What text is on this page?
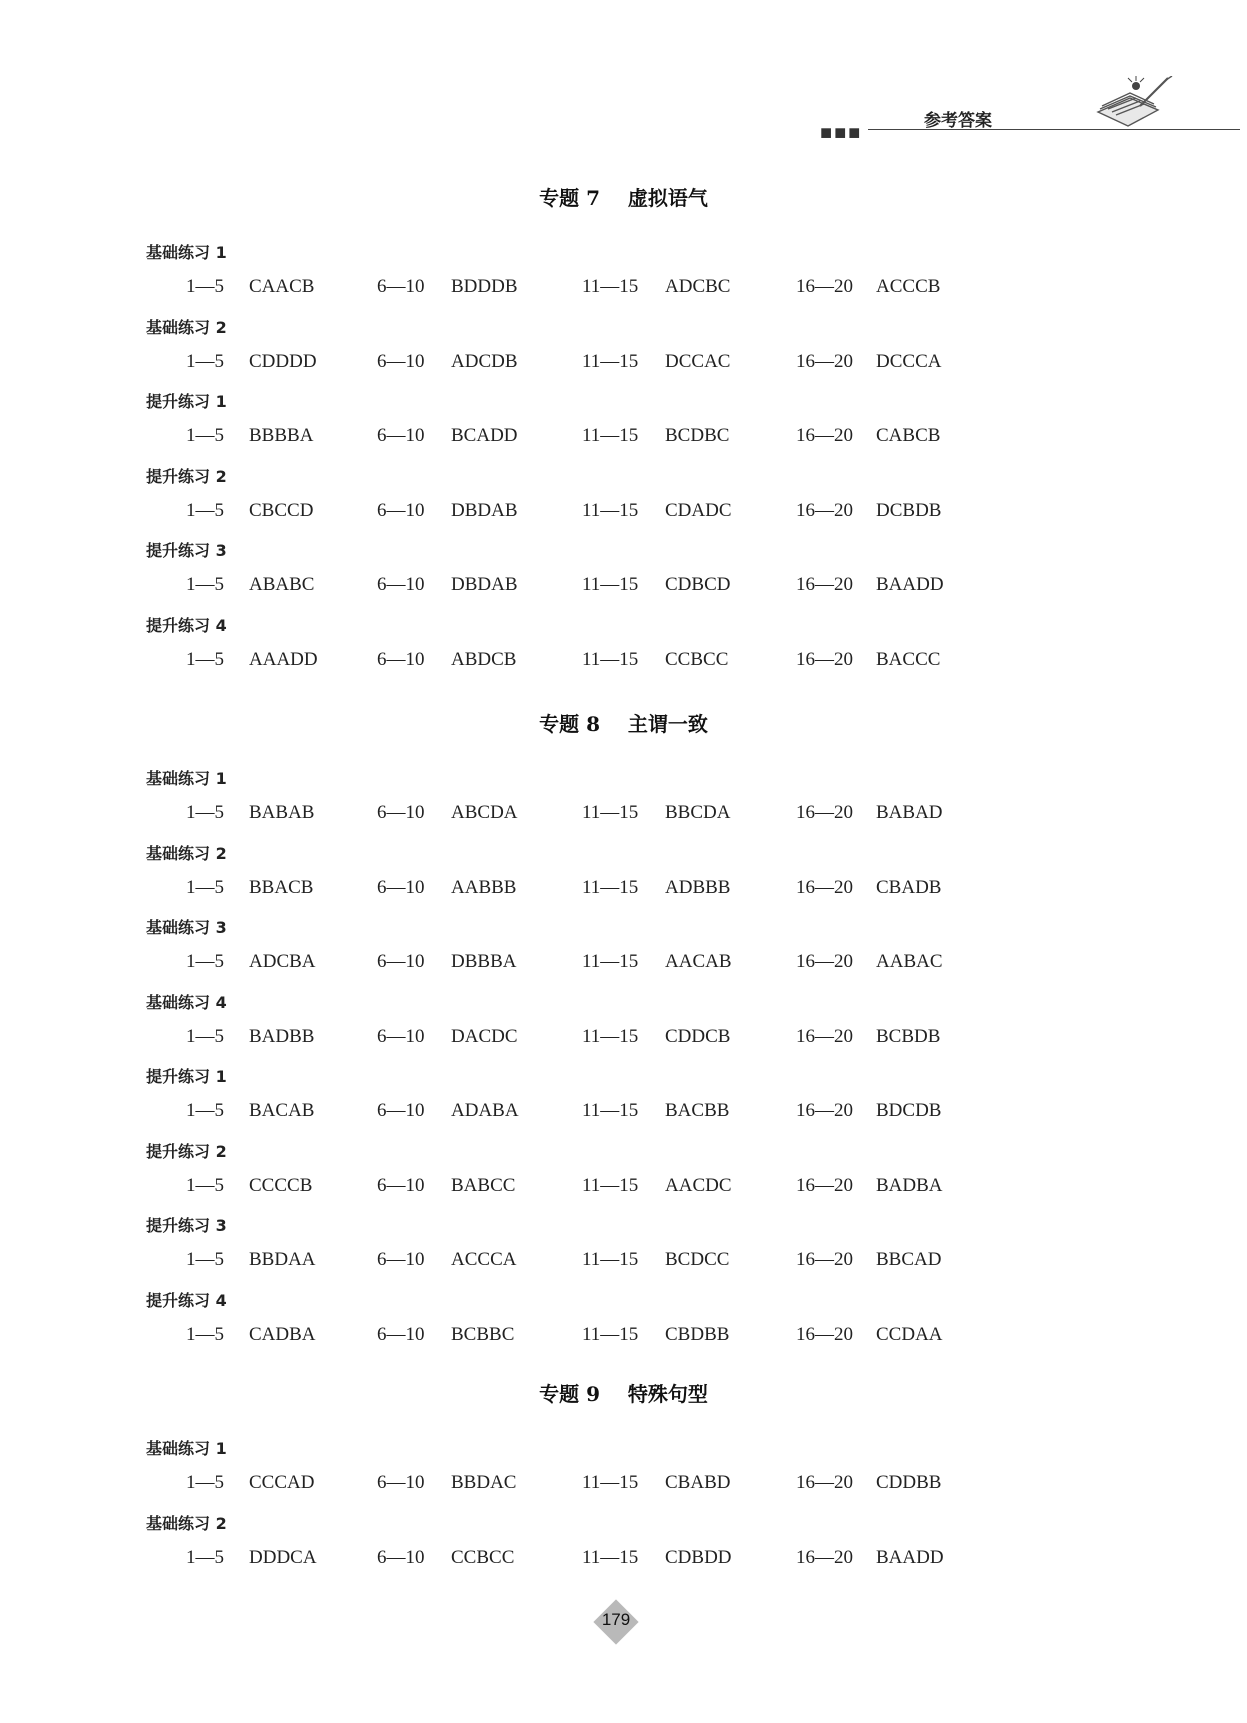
■■■
参考答案
专题 7 虚拟语气
基础练习 1
1—5 CAACB	6—10 BDDDB	11—15 ADCBC	16—20 ACCCB
基础练习 2
1—5 CDDDD	6—10 ADCDB	11—15 DCCAC	16—20 DCCCA
提升练习 1
1—5 BBBBA	6—10 BCADD	11—15 BCDBC	16—20 CABCB
提升练习 2
1—5 CBCCD	6—10 DBDAB	11—15 CDADC	16—20 DCBDB
提升练习 3
1—5 ABABC	6—10 DBDAB	11—15 CDBCD	16—20 BAADD
提升练习 4
1—5 AAADD	6—10 ABDCB	11—15 CCBCC	16—20 BACCC
专题 8 主谓一致
基础练习 1
1—5 BABAB	6—10 ABCDA	11—15 BBCDA	16—20 BABAD
基础练习 2
1—5 BBACB	6—10 AABBB	11—15 ADBBB	16—20 CBADB
基础练习 3
1—5 ADCBA	6—10 DBBBA	11—15 AACAB	16—20 AABAC
基础练习 4
1—5 BADBB	6—10 DACDC	11—15 CDDCB	16—20 BCBDB
提升练习 1
1—5 BACAB	6—10 ADABA	11—15 BACBB	16—20 BDCDB
提升练习 2
1—5 CCCCB	6—10 BABCC	11—15 AACDC	16—20 BADBA
提升练习 3
1—5 BBDAA	6—10 ACCCA	11—15 BCDCC	16—20 BBCAD
提升练习 4
1—5 CADBA	6—10 BCBBC	11—15 CBDBB	16—20 CCDAA
专题 9 特殊句型
基础练习 1
1—5 CCCAD	6—10 BBDAC	11—15 CBABD	16—20 CDDBB
基础练习 2
1—5 DDDCA	6—10 CCBCC	11—15 CDBDD	16—20 BAADD
179
